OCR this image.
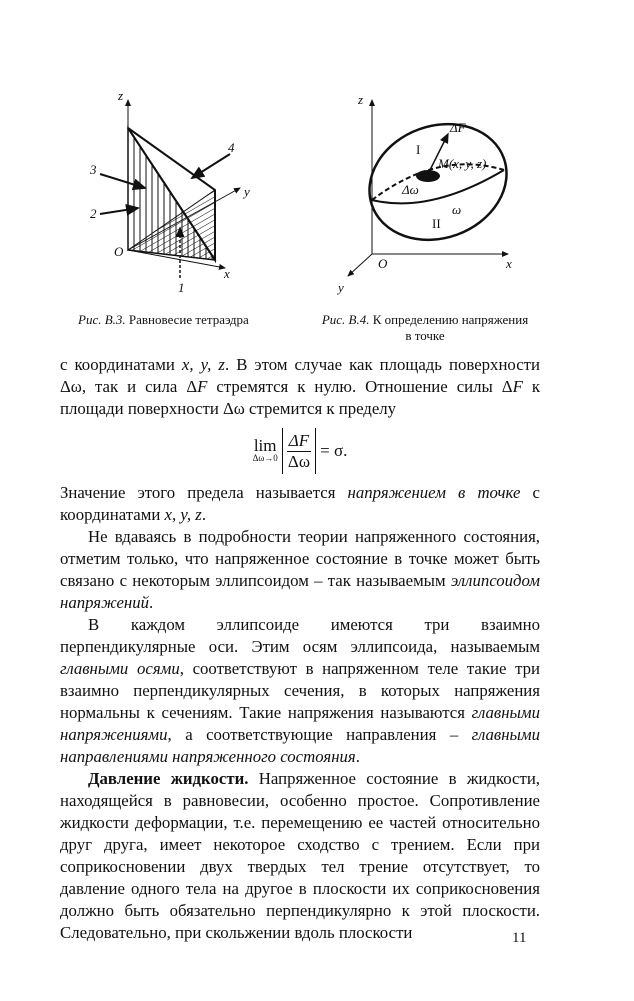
z
y
x
O
1
2
3
4
z
x
y
O
ΔF
I
M(x, y, z)
Δω
ω
II
Рис. В.3. Равновесие тетраэдра	Рис. В.4. К определению напряжения в точке

с координатами x, y, z. В этом случае как площадь поверхности Δω, так и сила ΔF стремятся к нулю. Отношение силы ΔF к площади поверхности Δω стремится к пределу

lim
$\Delta\omega\to 0 \frac{\Delta F}{\Delta\omega} = \sigma$.

Значение этого предела называется напряжением в точке с координатами x, y, z.

Не вдаваясь в подробности теории напряженного состояния, отметим только, что напряженное состояние в точке может быть связано с некоторым эллипсоидом – так называемым эллипсоидом напряжений.

В каждом эллипсоиде имеются три взаимно перпендикулярные оси. Этим осям эллипсоида, называемым главными осями, соответствуют в напряженном теле такие три взаимно перпендикулярных сечения, в которых напряжения нормальны к сечениям. Такие напряжения называются главными напряжениями, а соответствующие направления – главными направлениями напряженного состояния.

Давление жидкости. Напряженное состояние в жидкости, находящейся в равновесии, особенно простое. Сопротивление жидкости деформации, т.е. перемещению ее частей относительно друг друга, имеет некоторое сходство с трением. Если при соприкосновении двух твердых тел трение отсутствует, то давление одного тела на другое в плоскости их соприкосновения должно быть обязательно перпендикулярно к этой плоскости. Следовательно, при скольжении вдоль плоскости	11
